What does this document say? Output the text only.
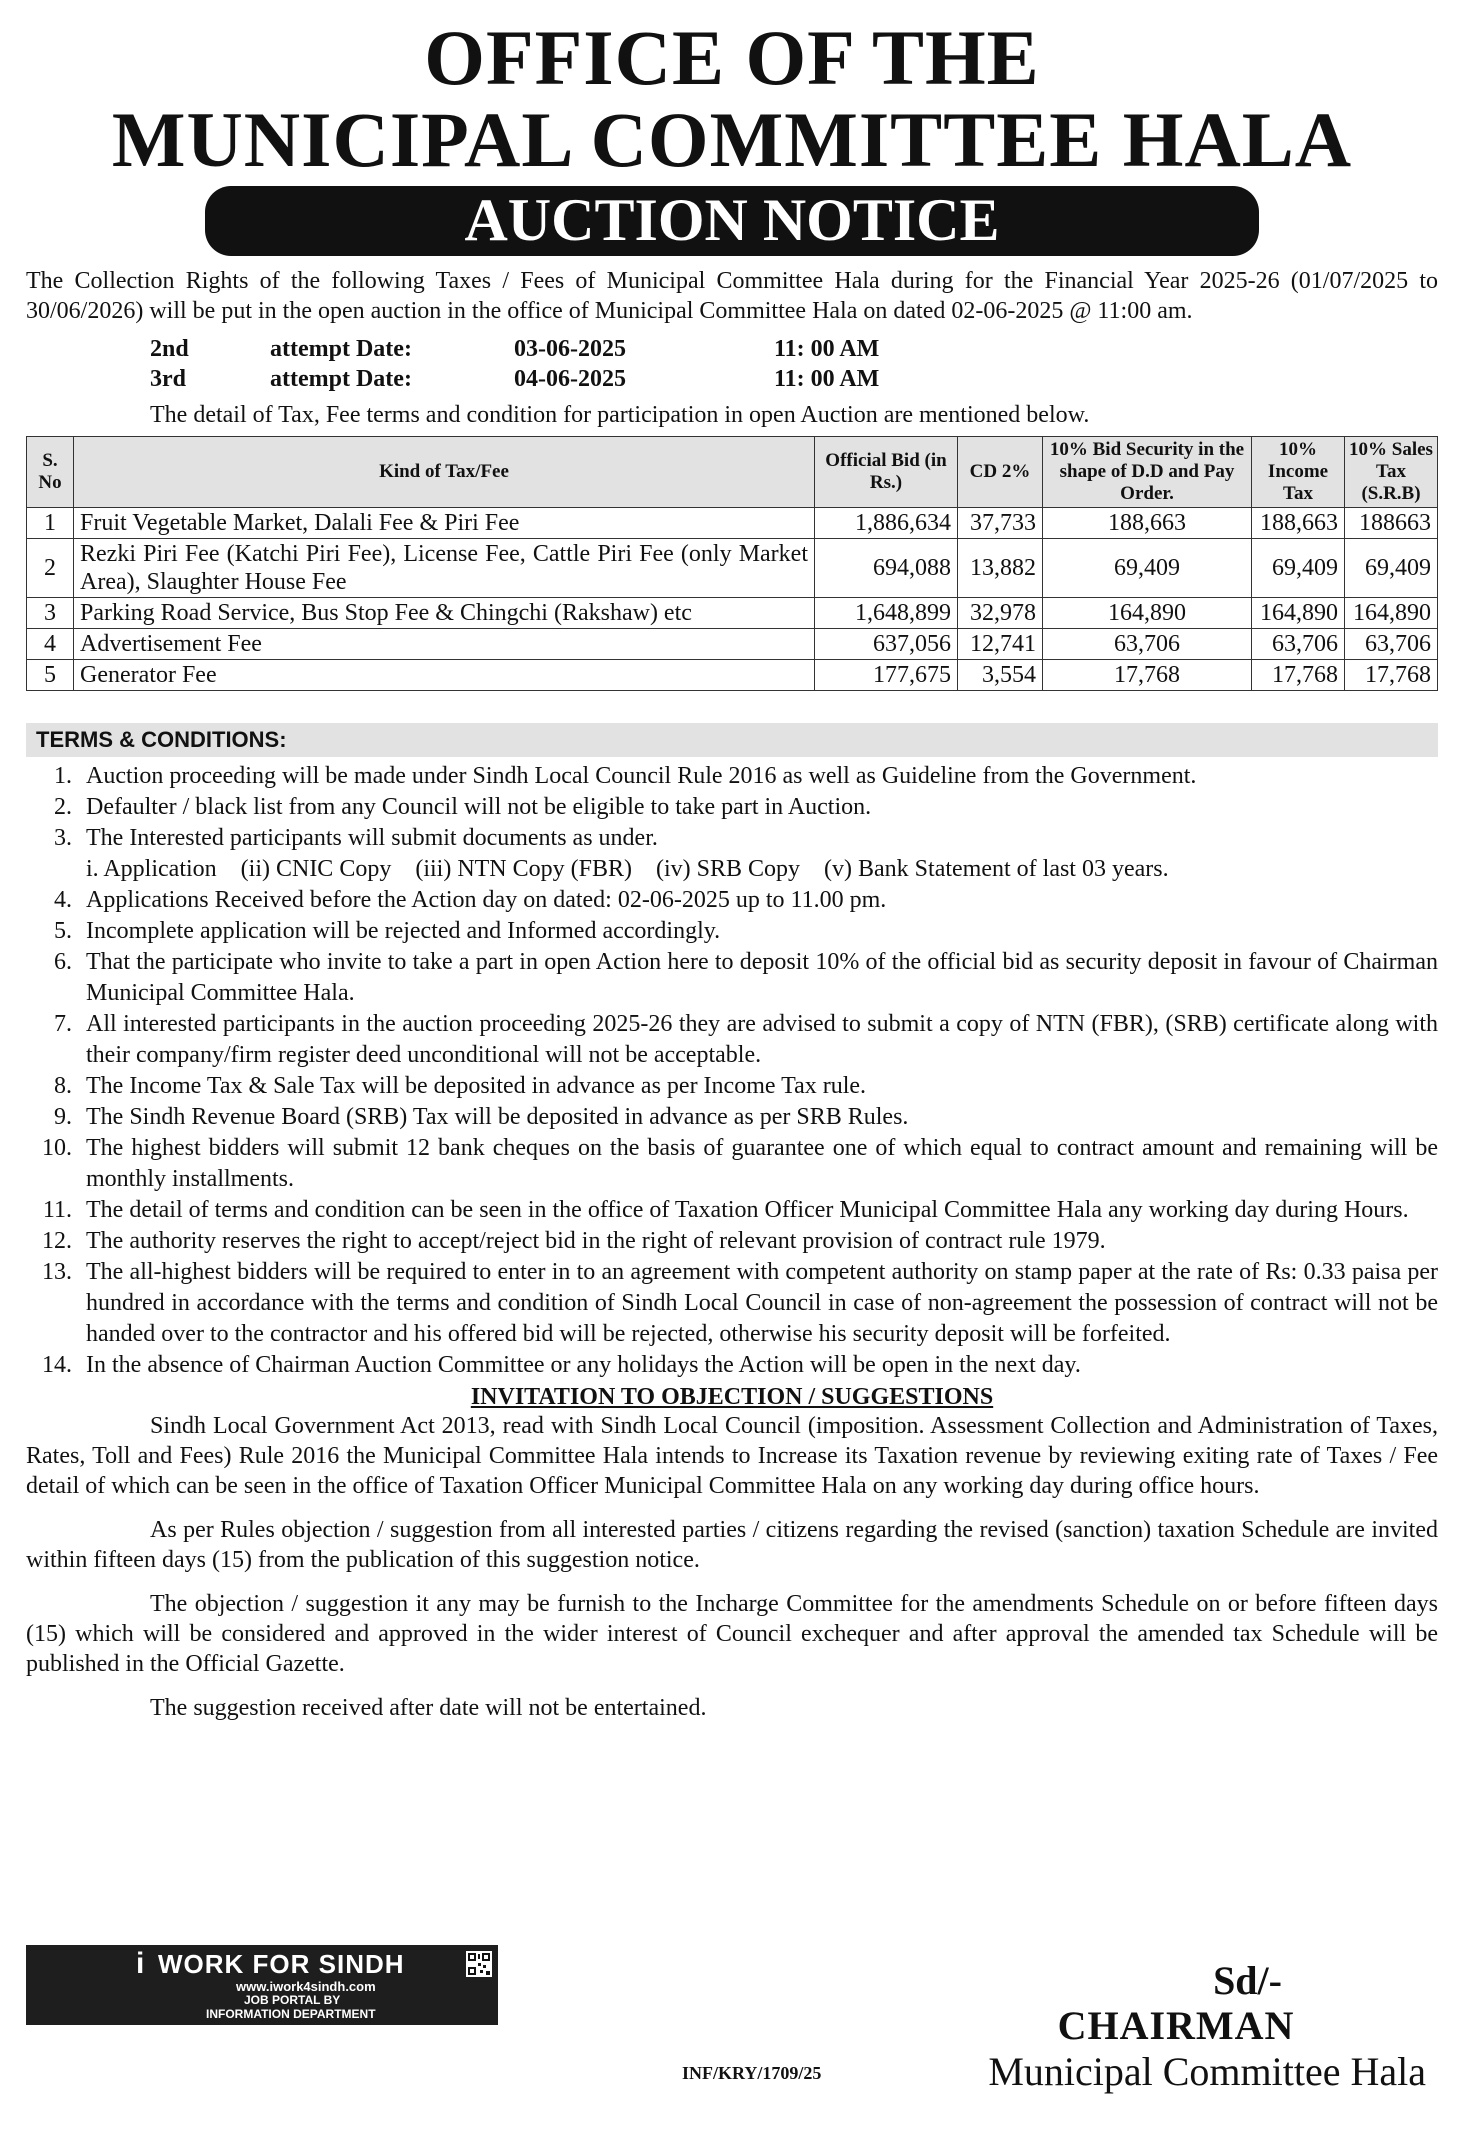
OFFICE OF THE
MUNICIPAL COMMITTEE HALA
AUCTION NOTICE
The Collection Rights of the following Taxes / Fees of Municipal Committee Hala during for the Financial Year 2025-26 (01/07/2025 to 30/06/2026) will be put in the open auction in the office of Municipal Committee Hala on dated 02-06-2025 @ 11:00 am.
2nd	attempt Date:	03-06-2025	11: 00 AM
3rd	attempt Date:	04-06-2025	11: 00 AM
The detail of Tax, Fee terms and condition for participation in open Auction are mentioned below.
S. No	Kind of Tax/Fee	Official Bid (in Rs.)	CD 2%	10% Bid Security in the shape of D.D and Pay Order.	10% Income Tax	10% Sales Tax (S.R.B)
1	Fruit Vegetable Market, Dalali Fee & Piri Fee	1,886,634	37,733	188,663	188,663	188663
2	Rezki Piri Fee (Katchi Piri Fee), License Fee, Cattle Piri Fee (only Market Area), Slaughter House Fee	694,088	13,882	69,409	69,409	69,409
3	Parking Road Service, Bus Stop Fee & Chingchi (Rakshaw) etc	1,648,899	32,978	164,890	164,890	164,890
4	Advertisement Fee	637,056	12,741	63,706	63,706	63,706
5	Generator Fee	177,675	3,554	17,768	17,768	17,768
TERMS & CONDITIONS:
1. Auction proceeding will be made under Sindh Local Council Rule 2016 as well as Guideline from the Government.
2. Defaulter / black list from any Council will not be eligible to take part in Auction.
3. The Interested participants will submit documents as under.
i. Application (ii) CNIC Copy (iii) NTN Copy (FBR) (iv) SRB Copy (v) Bank Statement of last 03 years.
4. Applications Received before the Action day on dated: 02-06-2025 up to 11.00 pm.
5. Incomplete application will be rejected and Informed accordingly.
6. That the participate who invite to take a part in open Action here to deposit 10% of the official bid as security deposit in favour of Chairman Municipal Committee Hala.
7. All interested participants in the auction proceeding 2025-26 they are advised to submit a copy of NTN (FBR), (SRB) certificate along with their company/firm register deed unconditional will not be acceptable.
8. The Income Tax & Sale Tax will be deposited in advance as per Income Tax rule.
9. The Sindh Revenue Board (SRB) Tax will be deposited in advance as per SRB Rules.
10. The highest bidders will submit 12 bank cheques on the basis of guarantee one of which equal to contract amount and remaining will be monthly installments.
11. The detail of terms and condition can be seen in the office of Taxation Officer Municipal Committee Hala any working day during Hours.
12. The authority reserves the right to accept/reject bid in the right of relevant provision of contract rule 1979.
13. The all-highest bidders will be required to enter in to an agreement with competent authority on stamp paper at the rate of Rs: 0.33 paisa per hundred in accordance with the terms and condition of Sindh Local Council in case of non-agreement the possession of contract will not be handed over to the contractor and his offered bid will be rejected, otherwise his security deposit will be forfeited.
14. In the absence of Chairman Auction Committee or any holidays the Action will be open in the next day.
INVITATION TO OBJECTION / SUGGESTIONS
Sindh Local Government Act 2013, read with Sindh Local Council (imposition. Assessment Collection and Administration of Taxes, Rates, Toll and Fees) Rule 2016 the Municipal Committee Hala intends to Increase its Taxation revenue by reviewing exiting rate of Taxes / Fee detail of which can be seen in the office of Taxation Officer Municipal Committee Hala on any working day during office hours.
As per Rules objection / suggestion from all interested parties / citizens regarding the revised (sanction) taxation Schedule are invited within fifteen days (15) from the publication of this suggestion notice.
The objection / suggestion it any may be furnish to the Incharge Committee for the amendments Schedule on or before fifteen days (15) which will be considered and approved in the wider interest of Council exchequer and after approval the amended tax Schedule will be published in the Official Gazette.
The suggestion received after date will not be entertained.
i WORK FOR SINDH
www.iwork4sindh.com
JOB PORTAL BY
INFORMATION DEPARTMENT
INF/KRY/1709/25
Sd/-
CHAIRMAN
Municipal Committee Hala
